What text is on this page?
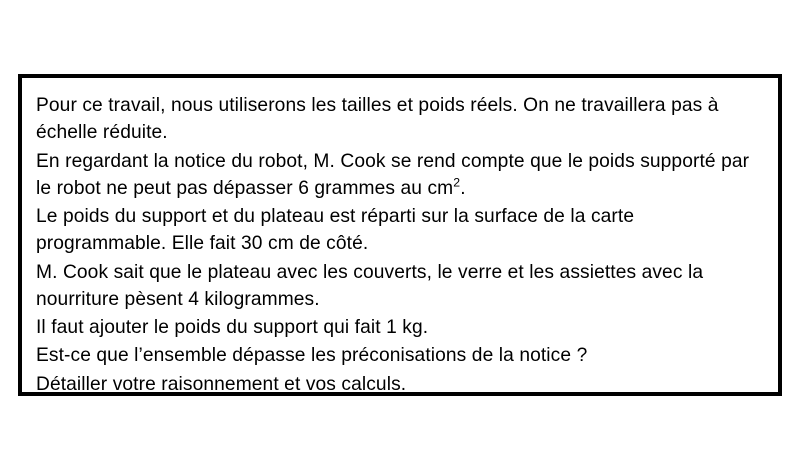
Pour ce travail, nous utiliserons les tailles et poids réels. On ne travaillera pas à échelle réduite.

En regardant la notice du robot, M. Cook se rend compte que le poids supporté par le robot ne peut pas dépasser 6 grammes au $cm^2$.

Le poids du support et du plateau est réparti sur la surface de la carte programmable. Elle fait 30 cm de côté.

M. Cook sait que le plateau avec les couverts, le verre et les assiettes avec la nourriture pèsent 4 kilogrammes.

Il faut ajouter le poids du support qui fait 1 kg.

Est-ce que l’ensemble dépasse les préconisations de la notice ?

Détailler votre raisonnement et vos calculs.
